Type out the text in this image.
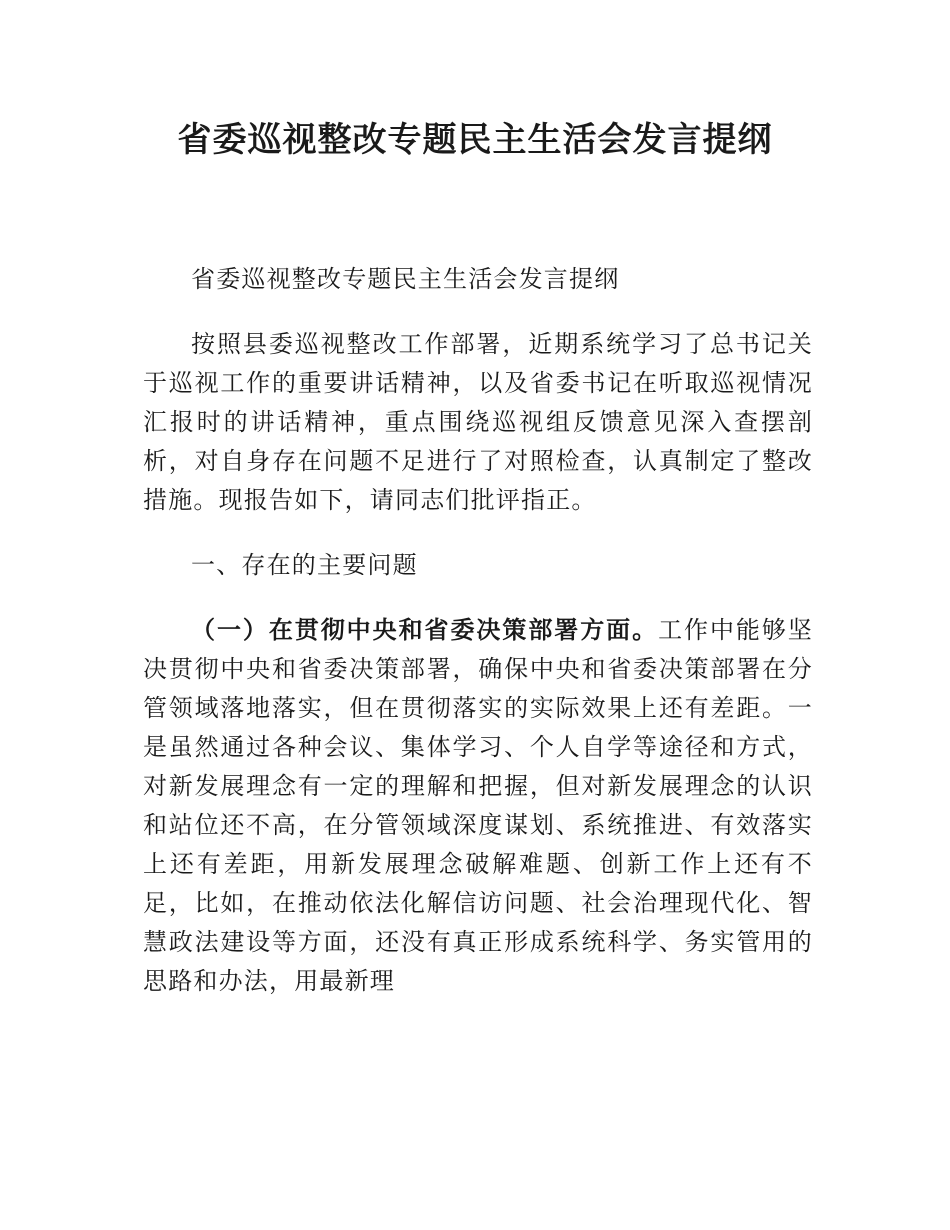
省委巡视整改专题民主生活会发言提纲

省委巡视整改专题民主生活会发言提纲

按照县委巡视整改工作部署，近期系统学习了总书记关于巡视工作的重要讲话精神，以及省委书记在听取巡视情况汇报时的讲话精神，重点围绕巡视组反馈意见深入查摆剖析，对自身存在问题不足进行了对照检查，认真制定了整改措施。现报告如下，请同志们批评指正。

一、存在的主要问题

（一）在贯彻中央和省委决策部署方面。工作中能够坚决贯彻中央和省委决策部署，确保中央和省委决策部署在分管领域落地落实，但在贯彻落实的实际效果上还有差距。一是虽然通过各种会议、集体学习、个人自学等途径和方式，对新发展理念有一定的理解和把握，但对新发展理念的认识和站位还不高，在分管领域深度谋划、系统推进、有效落实上还有差距，用新发展理念破解难题、创新工作上还有不足，比如，在推动依法化解信访问题、社会治理现代化、智慧政法建设等方面，还没有真正形成系统科学、务实管用的思路和办法，用最新理
